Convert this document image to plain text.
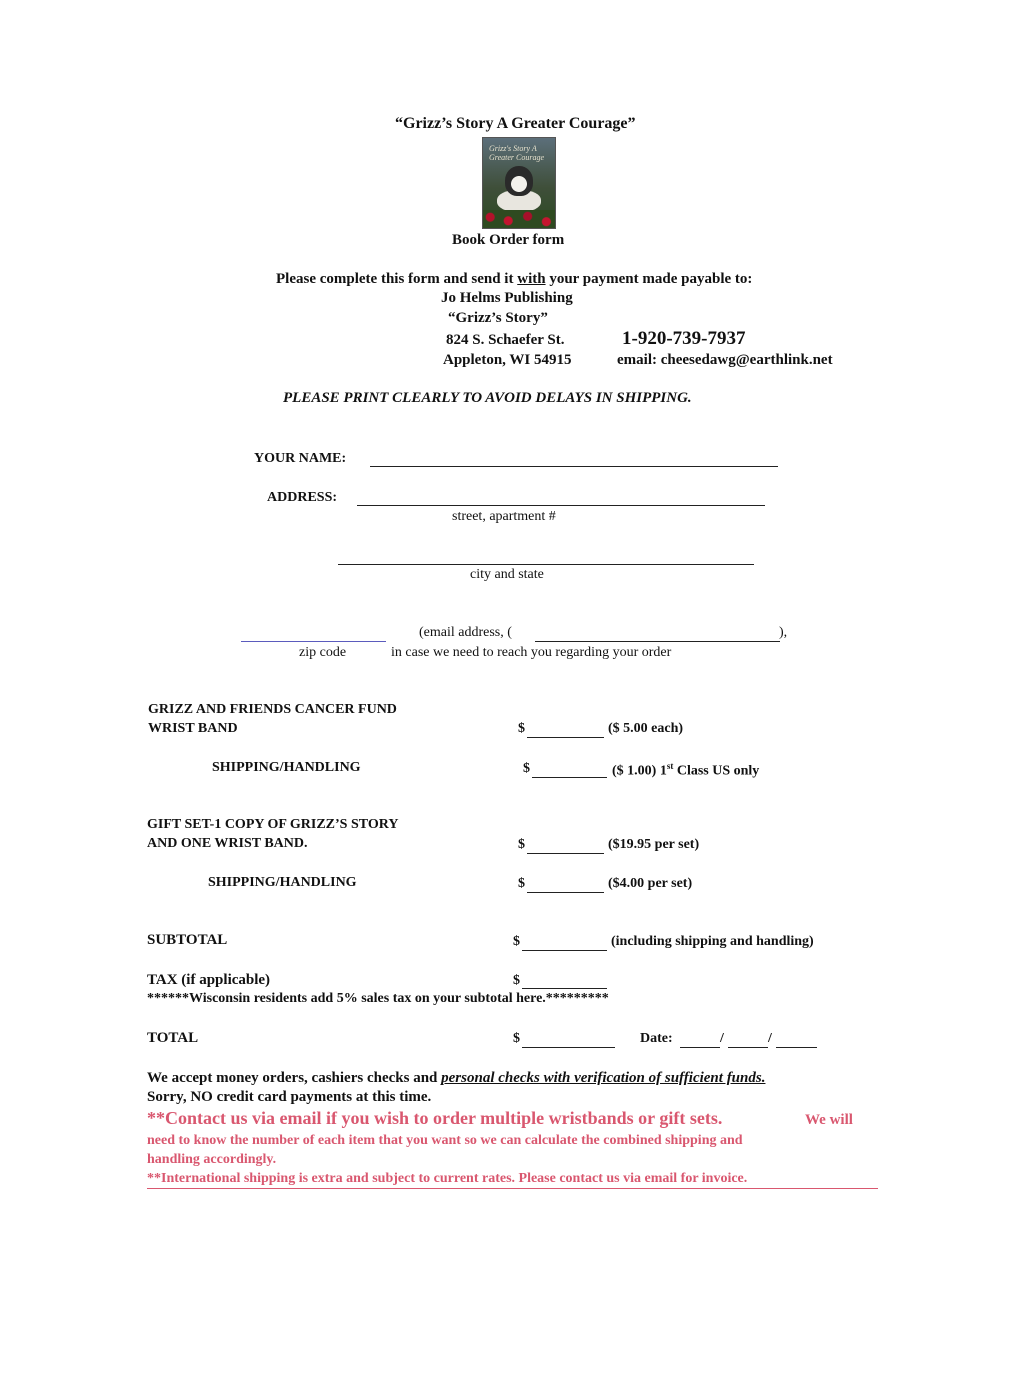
“Grizz’s Story A Greater Courage”
Grizz's Story A Greater Courage
Book Order form
Please complete this form and send it with your payment made payable to:
Jo Helms Publishing
“Grizz’s Story”
824 S. Schaefer St.	1-920-739-7937
Appleton, WI 54915	email: cheesedawg@earthlink.net
PLEASE PRINT CLEARLY TO AVOID DELAYS IN SHIPPING.
YOUR NAME:
ADDRESS:
street, apartment #
city and state
zip code
(email address, (	),
in case we need to reach you regarding your order
GRIZZ AND FRIENDS CANCER FUND
WRIST BAND	$	($ 5.00 each)
SHIPPING/HANDLING	$	($ 1.00) 1st Class US only
GIFT SET-1 COPY OF GRIZZ’S STORY
AND ONE WRIST BAND.	$	($19.95 per set)
SHIPPING/HANDLING	$	($4.00 per set)
SUBTOTAL	$	(including shipping and handling)
TAX (if applicable)	$
******Wisconsin residents add 5% sales tax on your subtotal here.*********
TOTAL	$	Date:	/	/
We accept money orders, cashiers checks and personal checks with verification of sufficient funds.
Sorry, NO credit card payments at this time.
**Contact us via email if you wish to order multiple wristbands or gift sets.	We will
need to know the number of each item that you want so we can calculate the combined shipping and
handling accordingly.
**International shipping is extra and subject to current rates. Please contact us via email for invoice.
